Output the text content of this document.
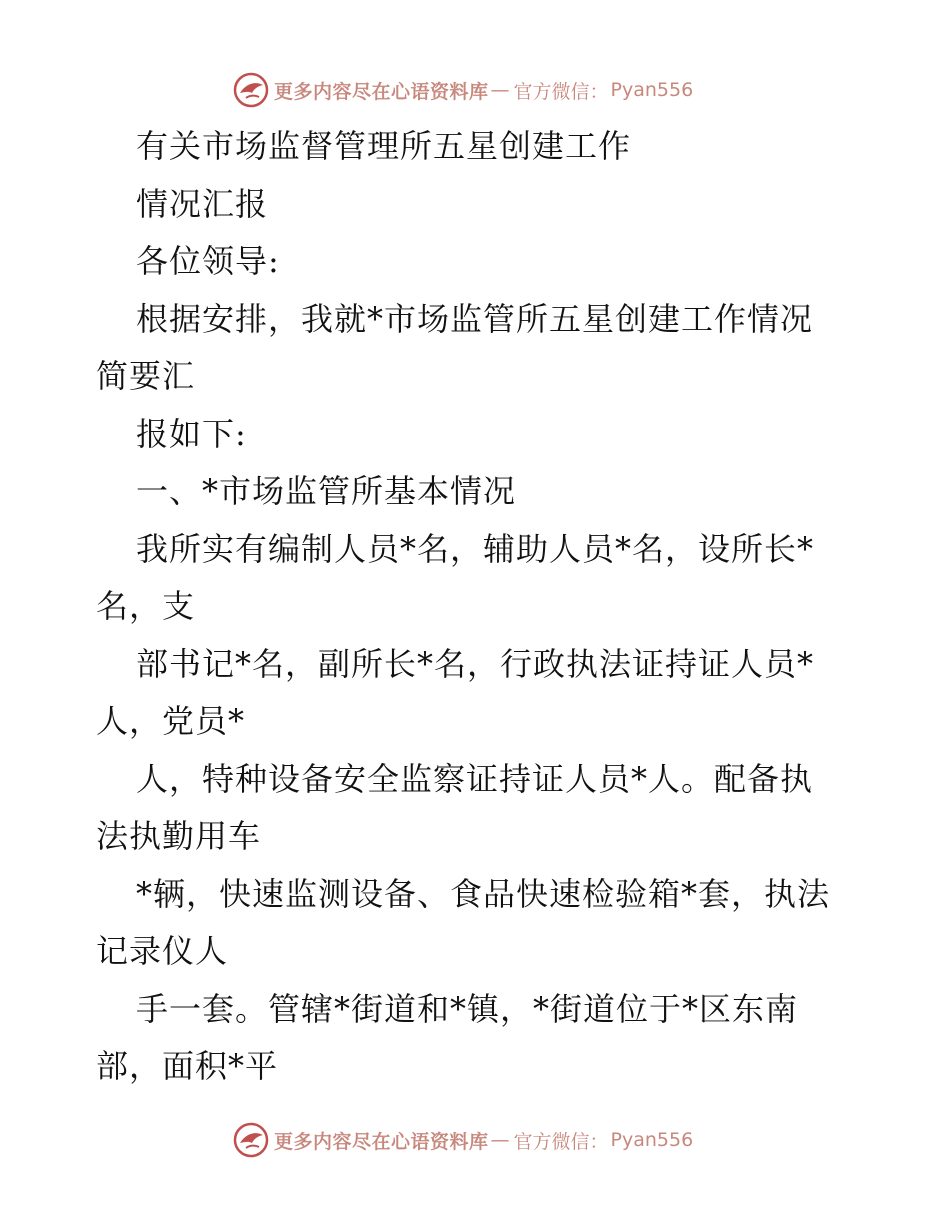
更多内容尽在心语资料库 — 官方微信： Pyan556
有关市场监督管理所五星创建工作
情况汇报
各位领导:
根据安排，我就*市场监管所五星创建工作情况
简要汇
报如下:
一、*市场监管所基本情况
我所实有编制人员*名，辅助人员*名，设所长*
名，支
部书记*名，副所长*名，行政执法证持证人员*
人，党员*
人，特种设备安全监察证持证人员*人。配备执
法执勤用车
*辆，快速监测设备、食品快速检验箱*套，执法
记录仪人
手一套。管辖*街道和*镇，*街道位于*区东南
部，面积*平
更多内容尽在心语资料库 — 官方微信： Pyan556
